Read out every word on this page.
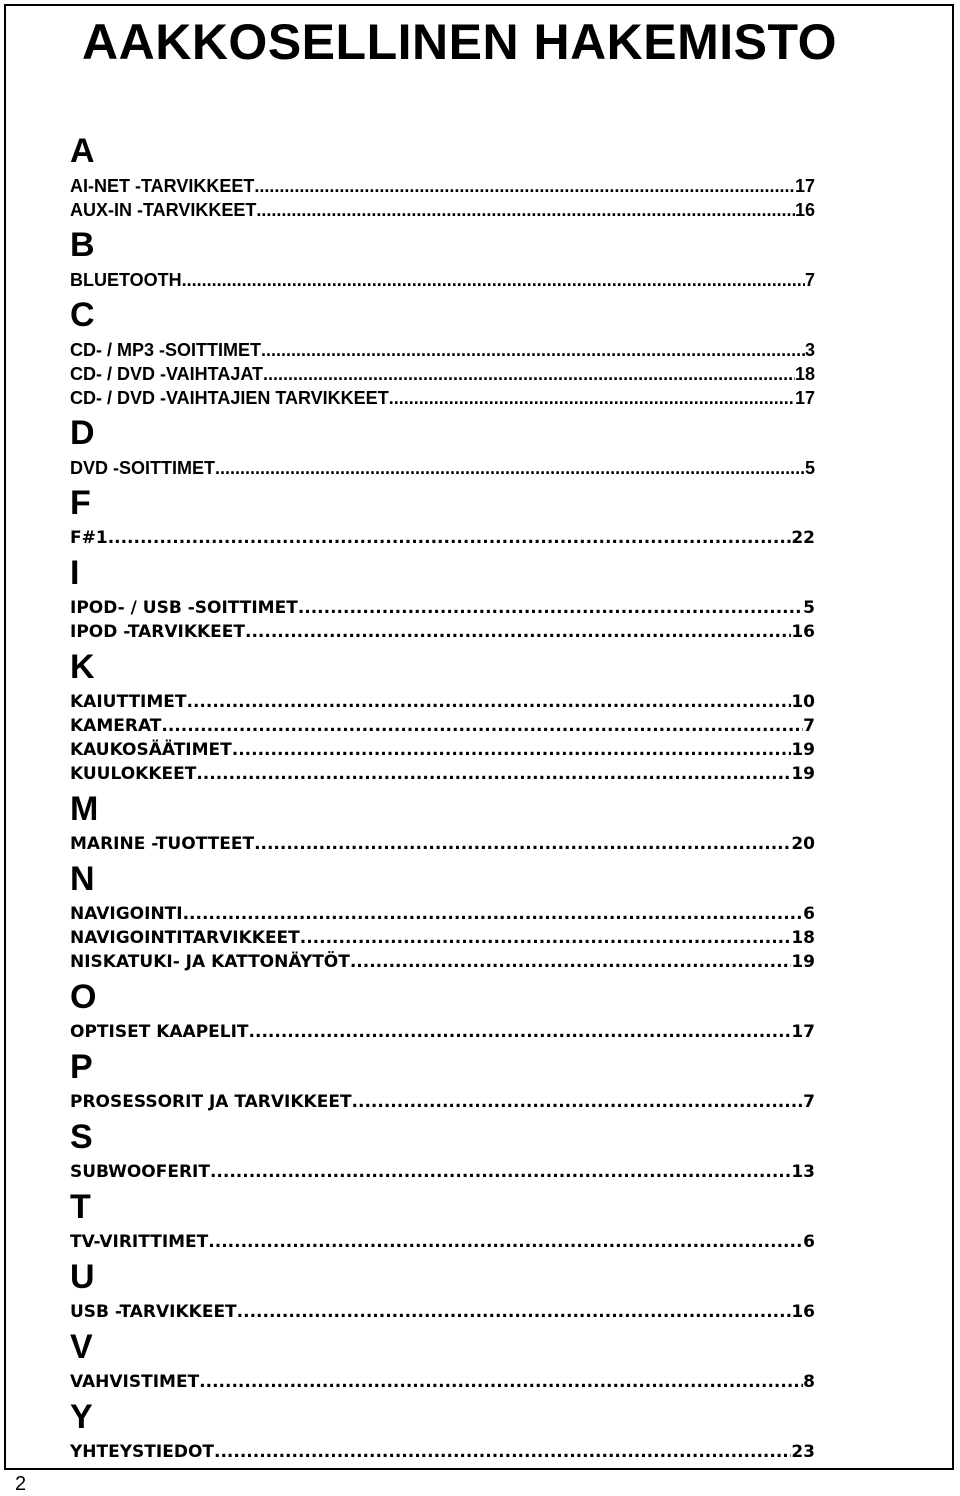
AAKKOSELLINEN HAKEMISTO
A
AI-NET -TARVIKKEET .....	17
AUX-IN -TARVIKKEET .....	16
B
BLUETOOTH .....	7
C
CD- / MP3 -SOITTIMET .....	3
CD- / DVD -VAIHTAJAT .....	18
CD- / DVD -VAIHTAJIEN TARVIKKEET .....	17
D
DVD -SOITTIMET .....	5
F
F#1 .....	22
I
IPOD- / USB -SOITTIMET .....	5
IPOD -TARVIKKEET .....	16
K
KAIUTTIMET .....	10
KAMERAT .....	7
KAUKOSÄÄTIMET .....	19
KUULOKKEET .....	19
M
MARINE -TUOTTEET .....	20
N
NAVIGOINTI .....	6
NAVIGOINTITARVIKKEET .....	18
NISKATUKI- JA KATTONÄYTÖT .....	19
O
OPTISET KAAPELIT .....	17
P
PROSESSORIT JA TARVIKKEET .....	7
S
SUBWOOFERIT .....	13
T
TV-VIRITTIMET .....	6
U
USB -TARVIKKEET .....	16
V
VAHVISTIMET .....	8
Y
YHTEYSTIEDOT .....	23
2
